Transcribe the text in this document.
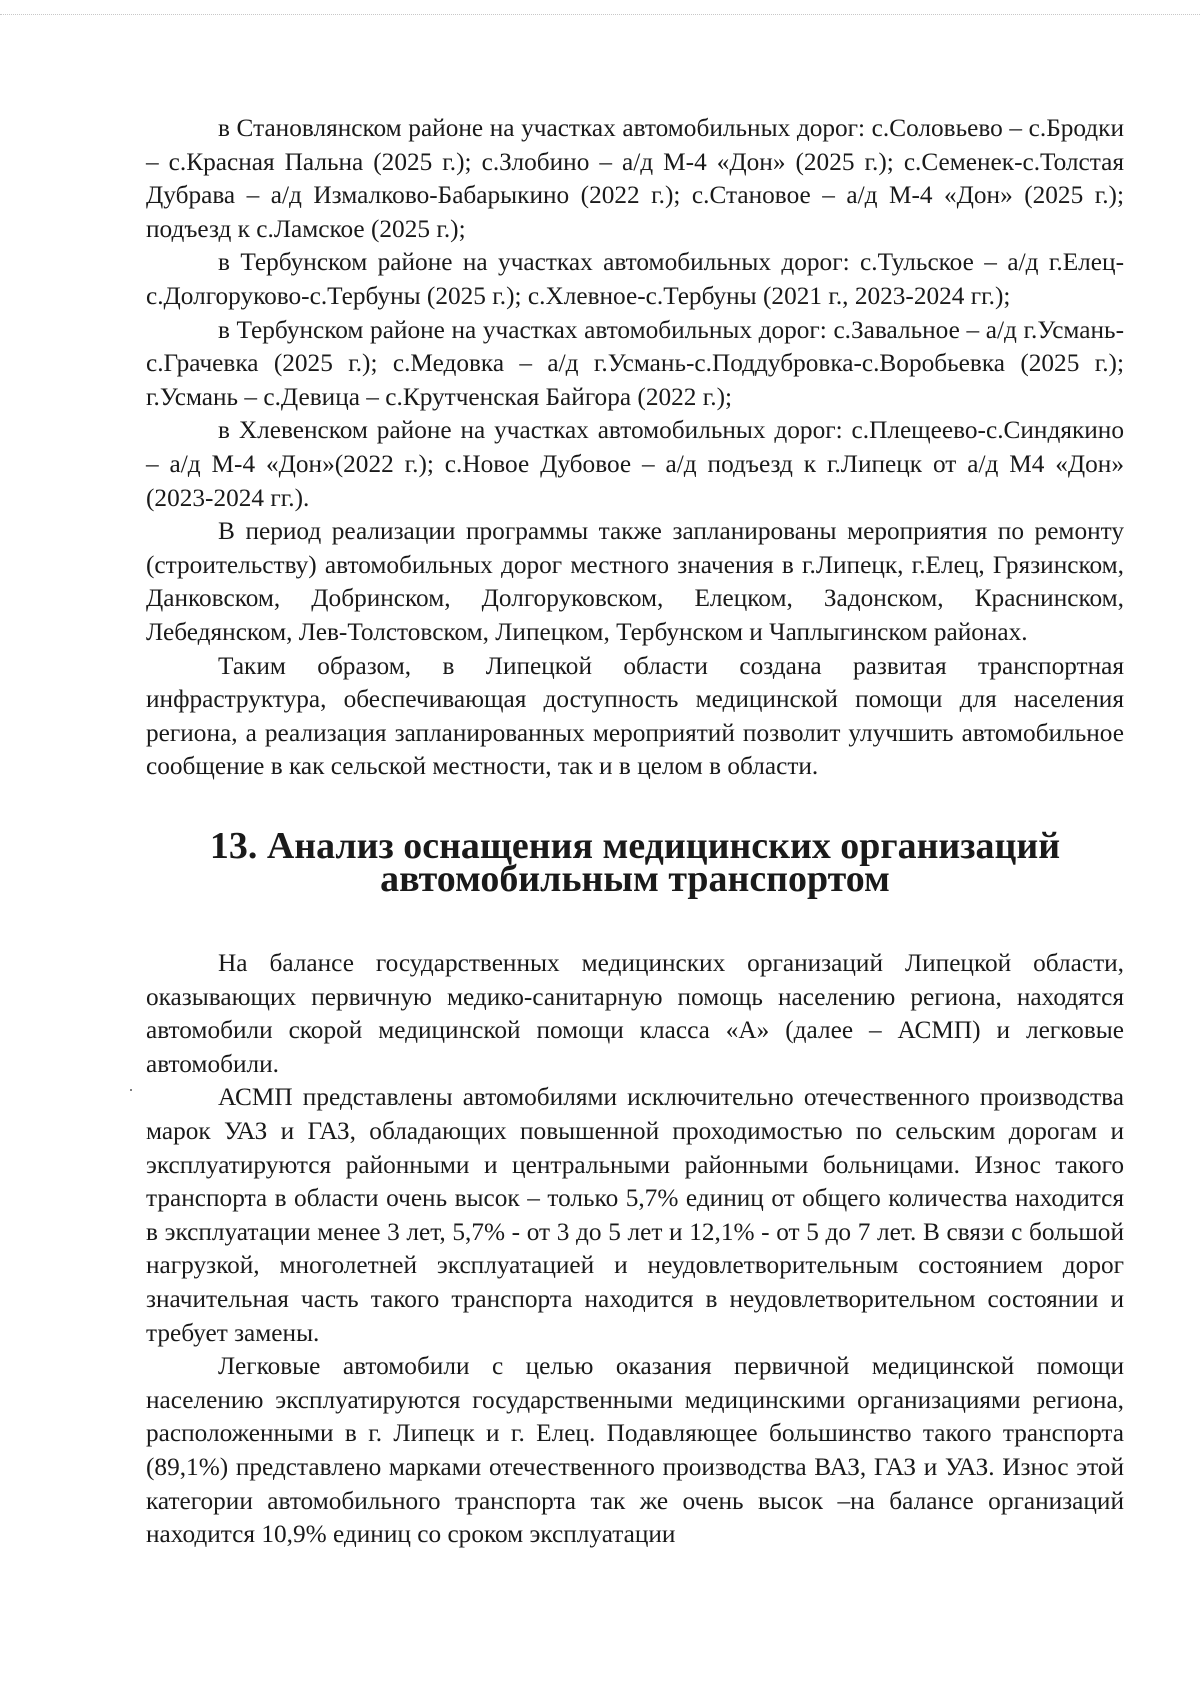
в Становлянском районе на участках автомобильных дорог: с.Соловьево – с.Бродки – с.Красная Пальна (2025 г.); с.Злобино – а/д М-4 «Дон» (2025 г.); с.Семенек-с.Толстая Дубрава – а/д Измалково-Бабарыкино (2022 г.); с.Становое – а/д М-4 «Дон» (2025 г.); подъезд к с.Ламское (2025 г.);

в Тербунском районе на участках автомобильных дорог: с.Тульское – а/д г.Елец-с.Долгоруково-с.Тербуны (2025 г.); с.Хлевное-с.Тербуны (2021 г., 2023-2024 гг.);

в Тербунском районе на участках автомобильных дорог: с.Завальное – а/д г.Усмань-с.Грачевка (2025 г.); с.Медовка – а/д г.Усмань-с.Поддубровка-с.Воробьевка (2025 г.); г.Усмань – с.Девица – с.Крутченская Байгора (2022 г.);

в Хлевенском районе на участках автомобильных дорог: с.Плещеево-с.Синдякино – а/д М-4 «Дон»(2022 г.); с.Новое Дубовое – а/д подъезд к г.Липецк от а/д М4 «Дон» (2023-2024 гг.).

В период реализации программы также запланированы мероприятия по ремонту (строительству) автомобильных дорог местного значения в г.Липецк, г.Елец, Грязинском, Данковском, Добринском, Долгоруковском, Елецком, Задонском, Краснинском, Лебедянском, Лев-Толстовском, Липецком, Тербунском и Чаплыгинском районах.

Таким образом, в Липецкой области создана развитая транспортная инфраструктура, обеспечивающая доступность медицинской помощи для населения региона, а реализация запланированных мероприятий позволит улучшить автомобильное сообщение в как сельской местности, так и в целом в области.

13. Анализ оснащения медицинских организаций
автомобильным транспортом

На балансе государственных медицинских организаций Липецкой области, оказывающих первичную медико-санитарную помощь населению региона, находятся автомобили скорой медицинской помощи класса «А» (далее – АСМП) и легковые автомобили.

АСМП представлены автомобилями исключительно отечественного производства марок УАЗ и ГАЗ, обладающих повышенной проходимостью по сельским дорогам и эксплуатируются районными и центральными районными больницами. Износ такого транспорта в области очень высок – только 5,7% единиц от общего количества находится в эксплуатации менее 3 лет, 5,7% - от 3 до 5 лет и 12,1% - от 5 до 7 лет. В связи с большой нагрузкой, многолетней эксплуатацией и неудовлетворительным состоянием дорог значительная часть такого транспорта находится в неудовлетворительном состоянии и требует замены.

Легковые автомобили с целью оказания первичной медицинской помощи населению эксплуатируются государственными медицинскими организациями региона, расположенными в г. Липецк и г. Елец. Подавляющее большинство такого транспорта (89,1%) представлено марками отечественного производства ВАЗ, ГАЗ и УАЗ. Износ этой категории автомобильного транспорта так же очень высок –на балансе организаций находится 10,9% единиц со сроком эксплуатации
